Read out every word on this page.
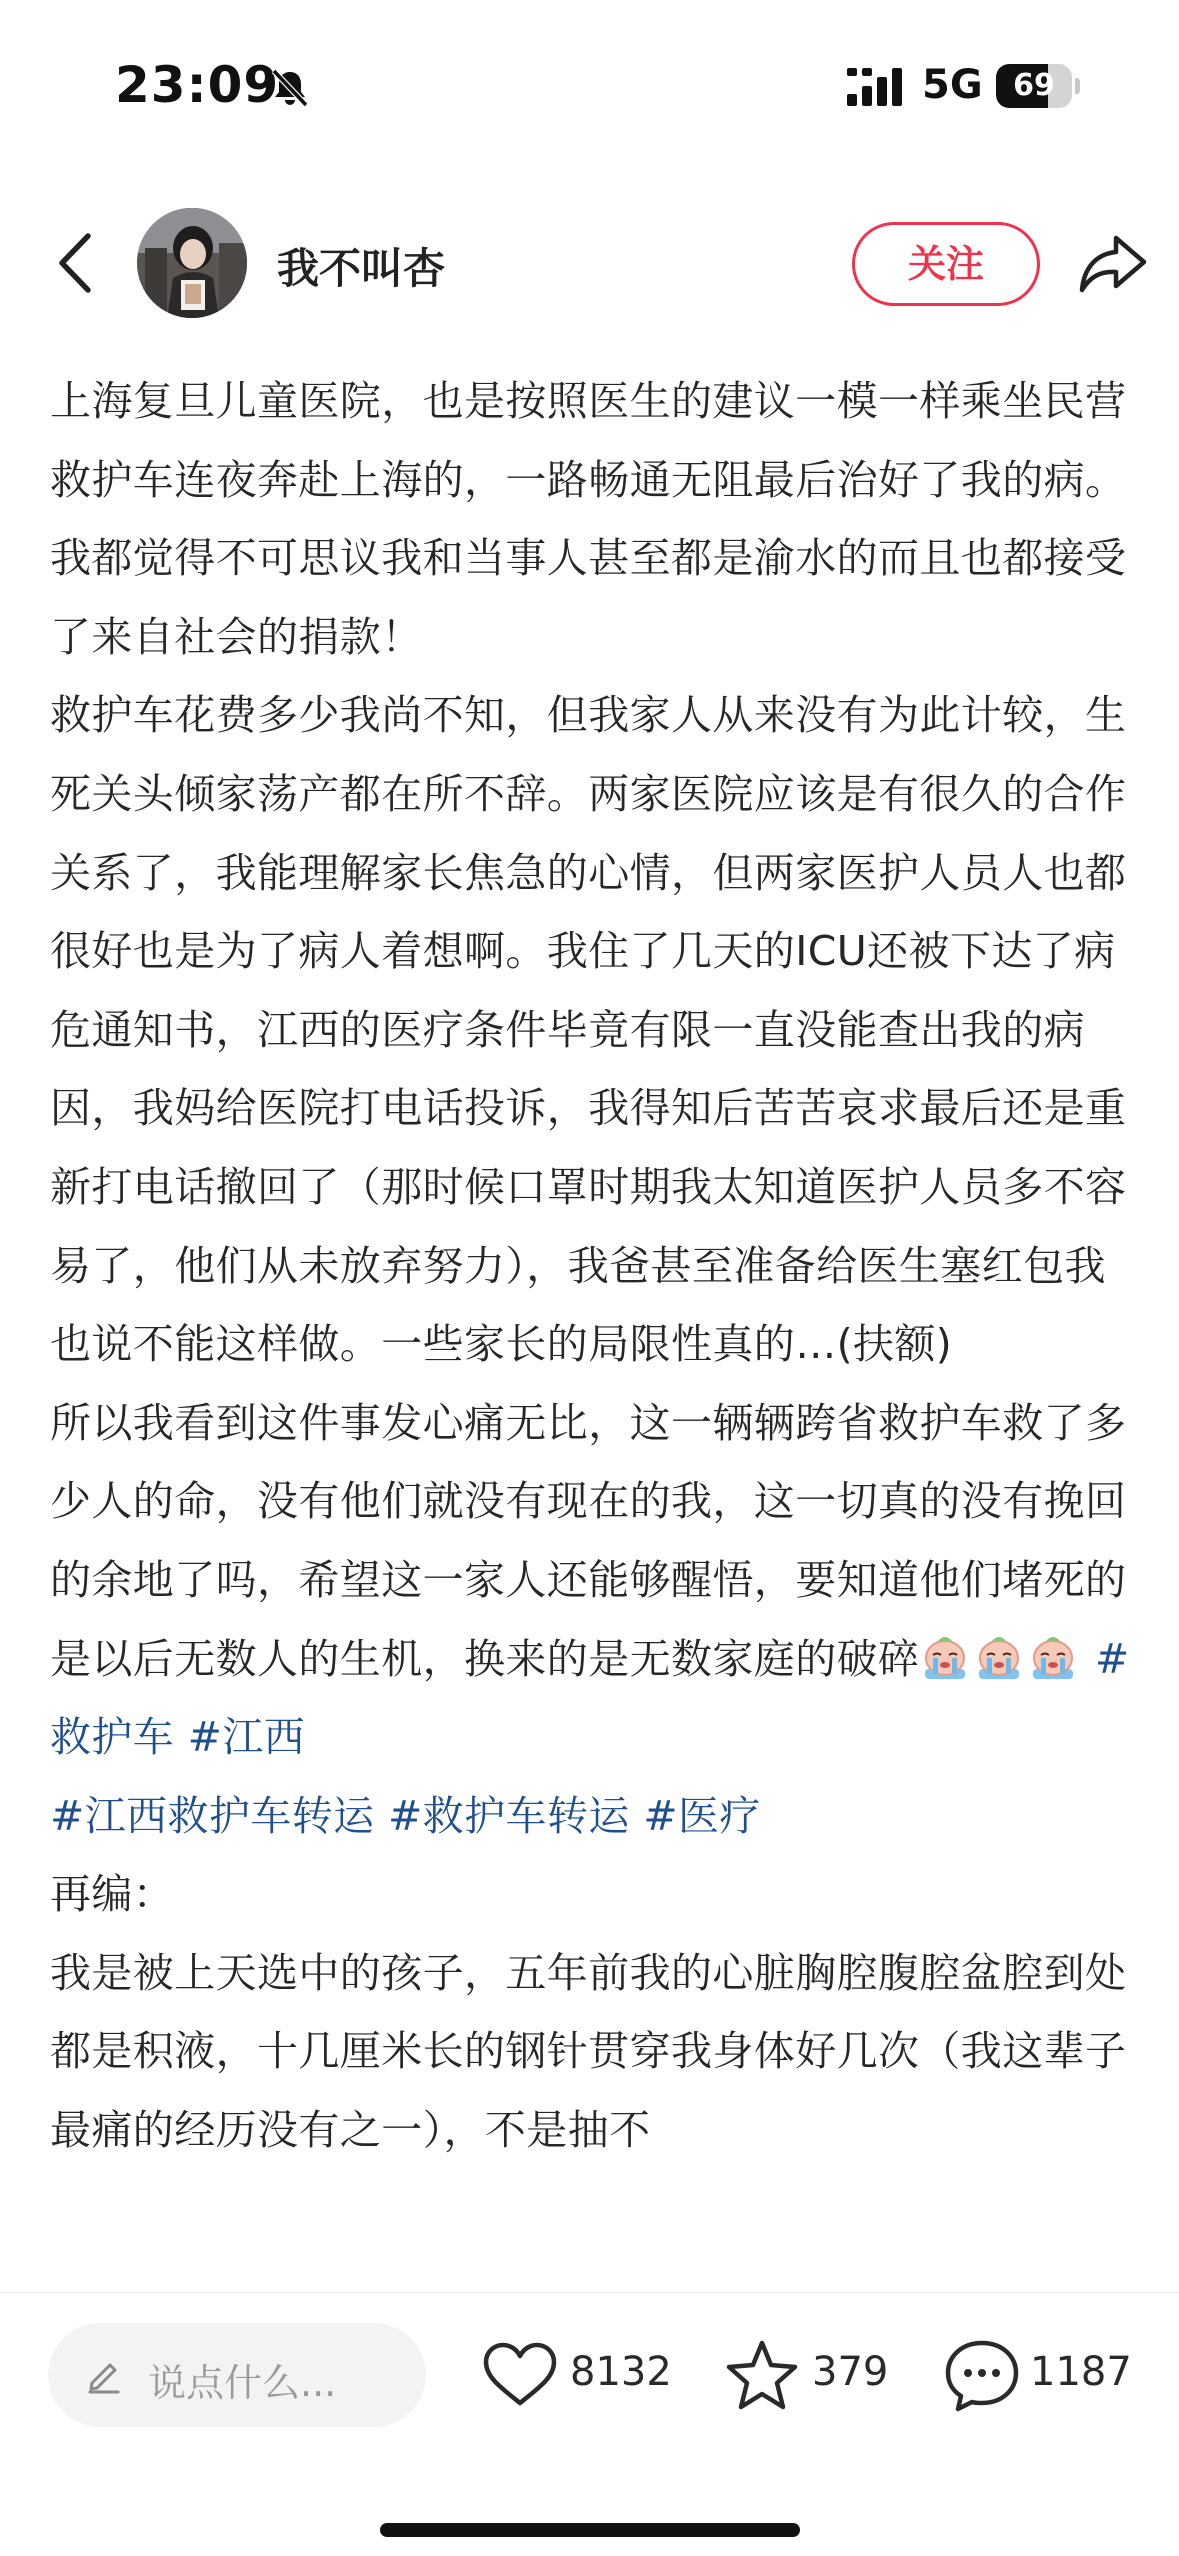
23:09	5G	69
我不叫杏	关注
上海复旦儿童医院，也是按照医生的建议一模一样乘坐民营救护车连夜奔赴上海的，一路畅通无阻最后治好了我的病。我都觉得不可思议我和当事人甚至都是渝水的而且也都接受了来自社会的捐款！
救护车花费多少我尚不知，但我家人从来没有为此计较，生死关头倾家荡产都在所不辞。两家医院应该是有很久的合作关系了，我能理解家长焦急的心情，但两家医护人员人也都很好也是为了病人着想啊。我住了几天的ICU还被下达了病危通知书，江西的医疗条件毕竟有限一直没能查出我的病因，我妈给医院打电话投诉，我得知后苦苦哀求最后还是重新打电话撤回了（那时候口罩时期我太知道医护人员多不容易了，他们从未放弃努力），我爸甚至准备给医生塞红包我也说不能这样做。一些家长的局限性真的…(扶额)
所以我看到这件事发心痛无比，这一辆辆跨省救护车救了多少人的命，没有他们就没有现在的我，这一切真的没有挽回的余地了吗，希望这一家人还能够醒悟，要知道他们堵死的是以后无数人的生机，换来的是无数家庭的破碎	#救护车 #江西
#江西救护车转运 #救护车转运 #医疗
再编：
我是被上天选中的孩子，五年前我的心脏胸腔腹腔盆腔到处都是积液，十几厘米长的钢针贯穿我身体好几次（我这辈子最痛的经历没有之一），不是抽不
说点什么...	8132	379	1187
